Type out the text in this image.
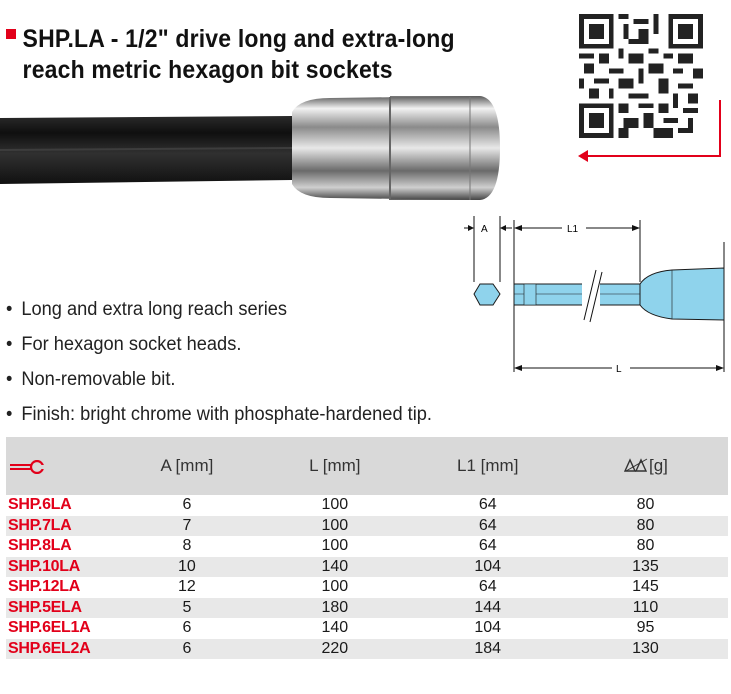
SHP.LA - 1/2" drive long and extra-long
reach metric hexagon bit sockets
A	L1
L
• Long and extra long reach series
• For hexagon socket heads.
• Non-removable bit.
• Finish: bright chrome with phosphate-hardened tip.
	A [mm]	L [mm]	L1 [mm]	[g]
SHP.6LA	6	100	64	80
SHP.7LA	7	100	64	80
SHP.8LA	8	100	64	80
SHP.10LA	10	140	104	135
SHP.12LA	12	100	64	145
SHP.5ELA	5	180	144	110
SHP.6EL1A	6	140	104	95
SHP.6EL2A	6	220	184	130
